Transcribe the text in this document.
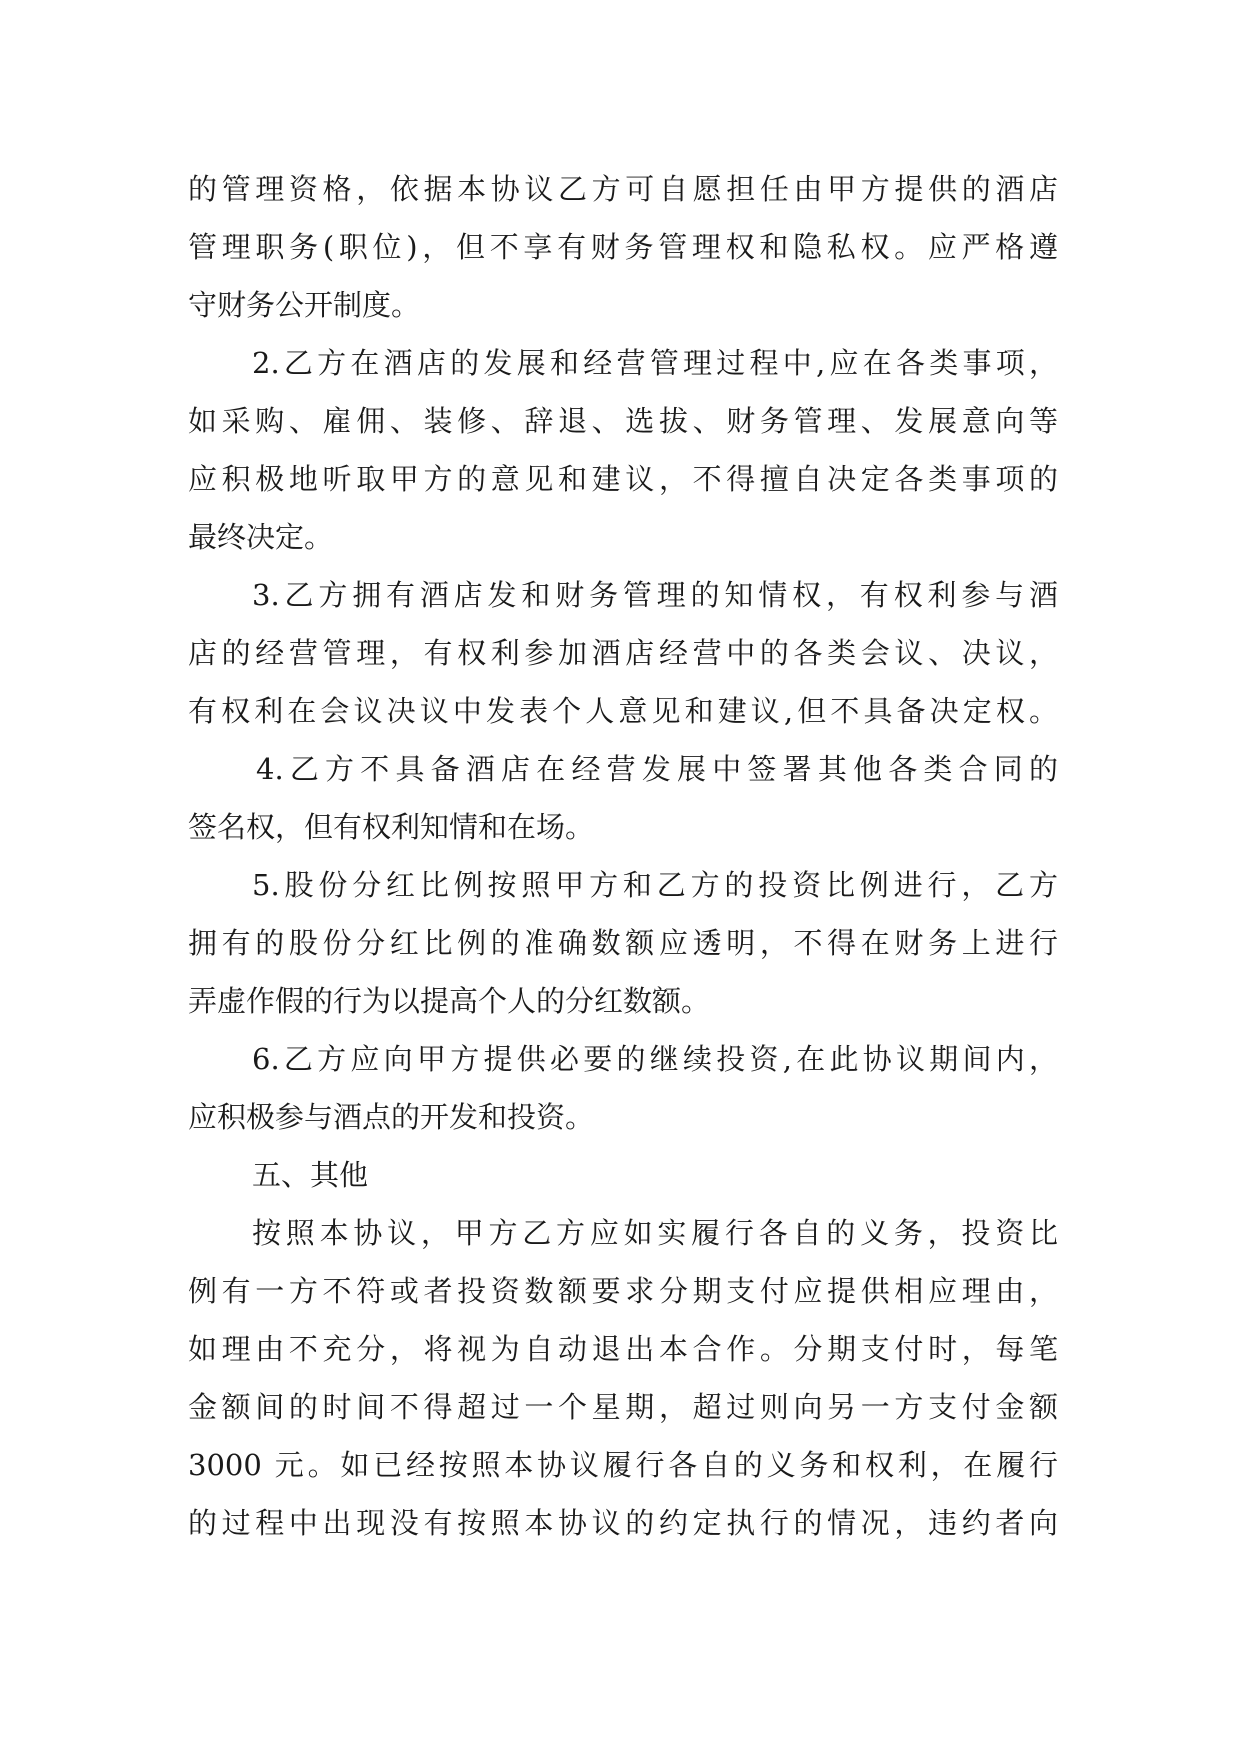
的管理资格，依据本协议乙方可自愿担任由甲方提供的酒店
管理职务(职位)，但不享有财务管理权和隐私权。应严格遵
守财务公开制度。
2.乙方在酒店的发展和经营管理过程中,应在各类事项，
如采购、雇佣、装修、辞退、选拔、财务管理、发展意向等
应积极地听取甲方的意见和建议，不得擅自决定各类事项的
最终决定。
3.乙方拥有酒店发和财务管理的知情权，有权利参与酒
店的经营管理，有权利参加酒店经营中的各类会议、决议，
有权利在会议决议中发表个人意见和建议,但不具备决定权。
4.乙方不具备酒店在经营发展中签署其他各类合同的
签名权，但有权利知情和在场。
5.股份分红比例按照甲方和乙方的投资比例进行，乙方
拥有的股份分红比例的准确数额应透明，不得在财务上进行
弄虚作假的行为以提高个人的分红数额。
6.乙方应向甲方提供必要的继续投资,在此协议期间内，
应积极参与酒点的开发和投资。
五、其他
按照本协议，甲方乙方应如实履行各自的义务，投资比
例有一方不符或者投资数额要求分期支付应提供相应理由，
如理由不充分，将视为自动退出本合作。分期支付时，每笔
金额间的时间不得超过一个星期，超过则向另一方支付金额
3000 元。如已经按照本协议履行各自的义务和权利，在履行
的过程中出现没有按照本协议的约定执行的情况，违约者向
